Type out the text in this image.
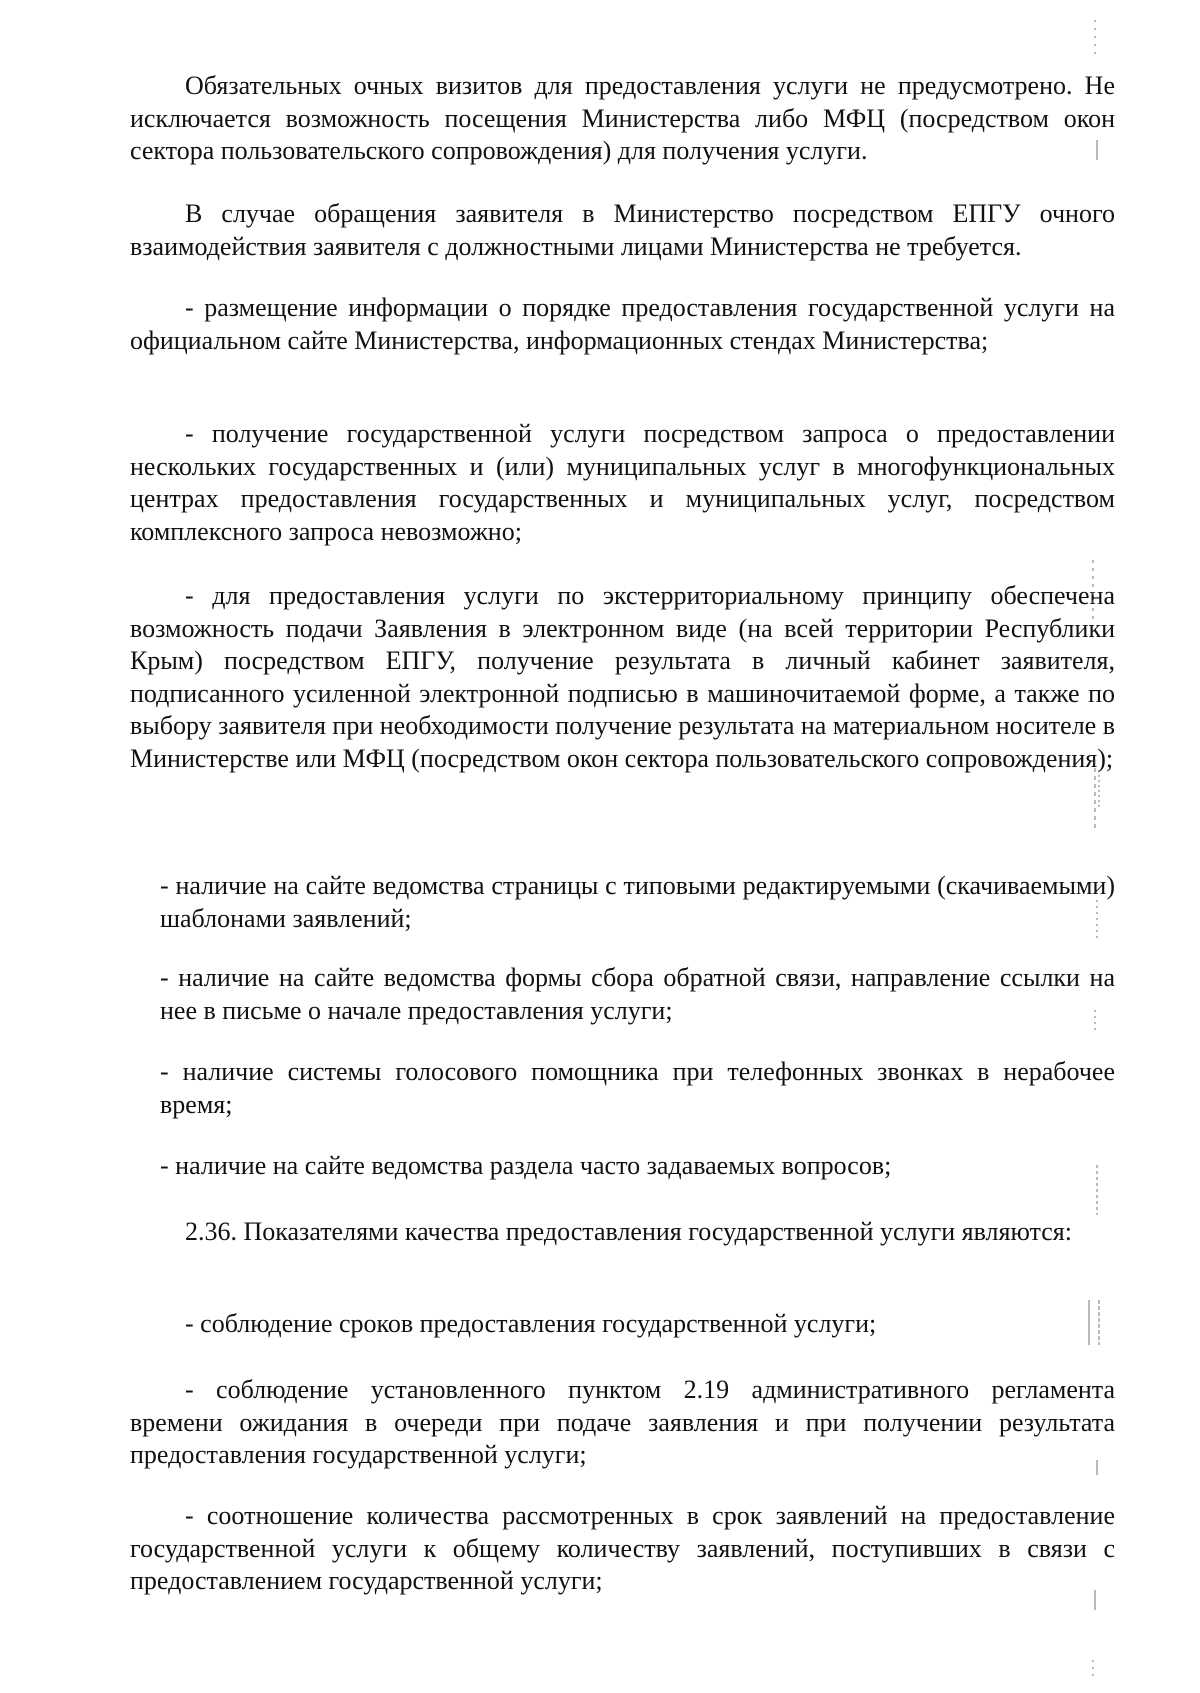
Обязательных очных визитов для предоставления услуги не предусмотрено. Не исключается возможность посещения Министерства либо МФЦ (посредством окон сектора пользовательского сопровождения) для получения услуги.

В случае обращения заявителя в Министерство посредством ЕПГУ очного взаимодействия заявителя с должностными лицами Министерства не требуется.

- размещение информации о порядке предоставления государственной услуги на официальном сайте Министерства, информационных стендах Министерства;

- получение государственной услуги посредством запроса о предоставлении нескольких государственных и (или) муниципальных услуг в многофункциональных центрах предоставления государственных и муниципальных услуг, посредством комплексного запроса невозможно;

- для предоставления услуги по экстерриториальному принципу обеспечена возможность подачи Заявления в электронном виде (на всей территории Республики Крым) посредством ЕПГУ, получение результата в личный кабинет заявителя, подписанного усиленной электронной подписью в машиночитаемой форме, а также по выбору заявителя при необходимости получение результата на материальном носителе в Министерстве или МФЦ (посредством окон сектора пользовательского сопровождения);

- наличие на сайте ведомства страницы с типовыми редактируемыми (скачиваемыми) шаблонами заявлений;

- наличие на сайте ведомства формы сбора обратной связи, направление ссылки на нее в письме о начале предоставления услуги;

- наличие системы голосового помощника при телефонных звонках в нерабочее время;

- наличие на сайте ведомства раздела часто задаваемых вопросов;

2.36. Показателями качества предоставления государственной услуги являются:

- соблюдение сроков предоставления государственной услуги;

- соблюдение установленного пунктом 2.19 административного регламента времени ожидания в очереди при подаче заявления и при получении результата предоставления государственной услуги;

- соотношение количества рассмотренных в срок заявлений на предоставление государственной услуги к общему количеству заявлений, поступивших в связи с предоставлением государственной услуги;
